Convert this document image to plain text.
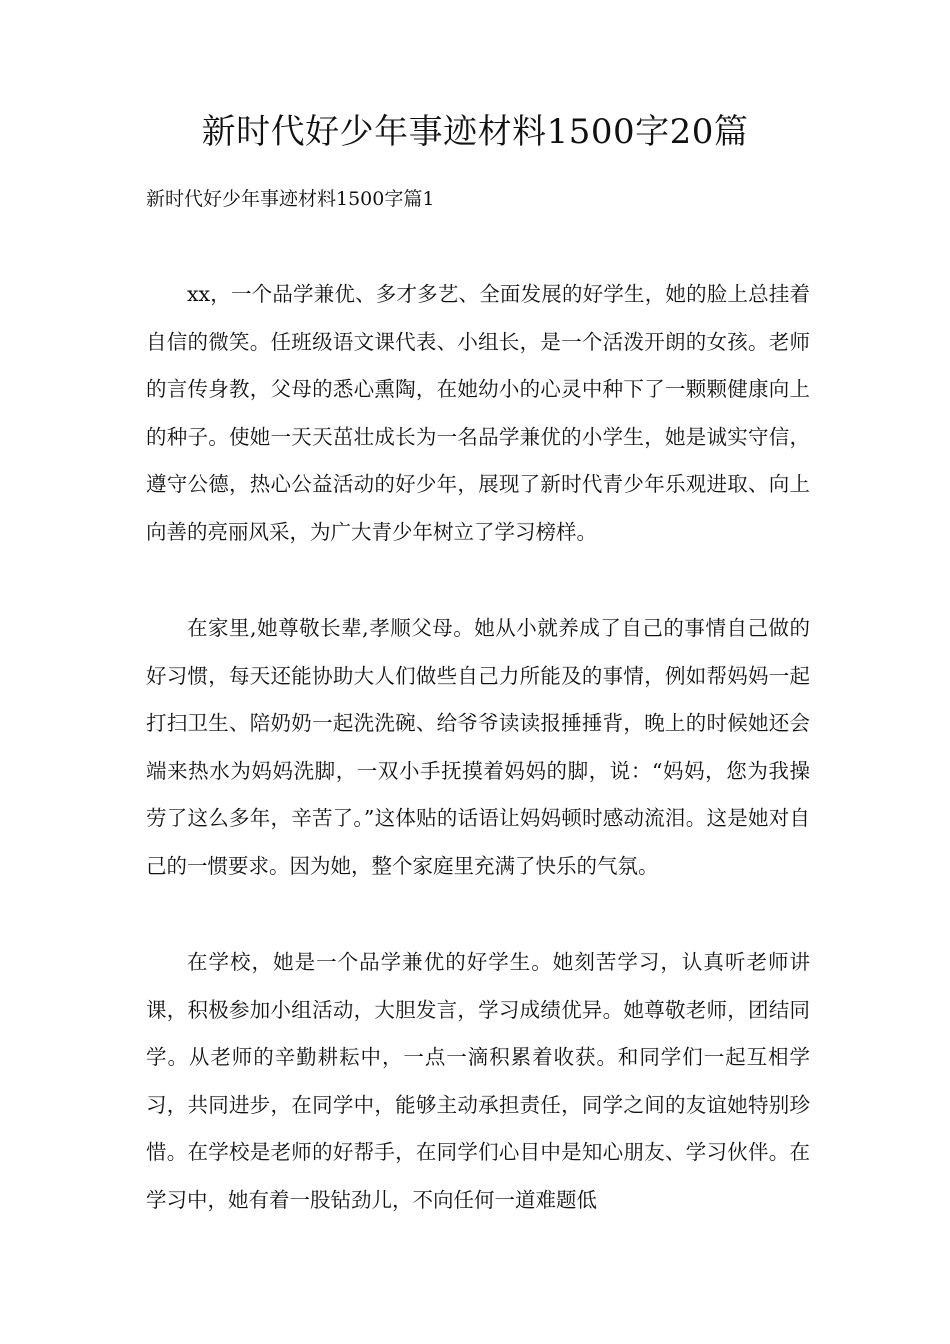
新时代好少年事迹材料1500字20篇
新时代好少年事迹材料1500字篇1

xx，一个品学兼优、多才多艺、全面发展的好学生，她的脸上总挂着自信的微笑。任班级语文课代表、小组长，是一个活泼开朗的女孩。老师的言传身教，父母的悉心熏陶，在她幼小的心灵中种下了一颗颗健康向上的种子。使她一天天茁壮成长为一名品学兼优的小学生，她是诚实守信，遵守公德，热心公益活动的好少年，展现了新时代青少年乐观进取、向上向善的亮丽风采，为广大青少年树立了学习榜样。

在家里,她尊敬长辈,孝顺父母。她从小就养成了自己的事情自己做的好习惯，每天还能协助大人们做些自己力所能及的事情，例如帮妈妈一起打扫卫生、陪奶奶一起洗洗碗、给爷爷读读报捶捶背，晚上的时候她还会端来热水为妈妈洗脚，一双小手抚摸着妈妈的脚，说：“妈妈，您为我操劳了这么多年，辛苦了。”这体贴的话语让妈妈顿时感动流泪。这是她对自己的一惯要求。因为她，整个家庭里充满了快乐的气氛。

在学校，她是一个品学兼优的好学生。她刻苦学习，认真听老师讲课，积极参加小组活动，大胆发言，学习成绩优异。她尊敬老师，团结同学。从老师的辛勤耕耘中，一点一滴积累着收获。和同学们一起互相学习，共同进步，在同学中，能够主动承担责任，同学之间的友谊她特别珍惜。在学校是老师的好帮手，在同学们心目中是知心朋友、学习伙伴。在学习中，她有着一股钻劲儿，不向任何一道难题低
